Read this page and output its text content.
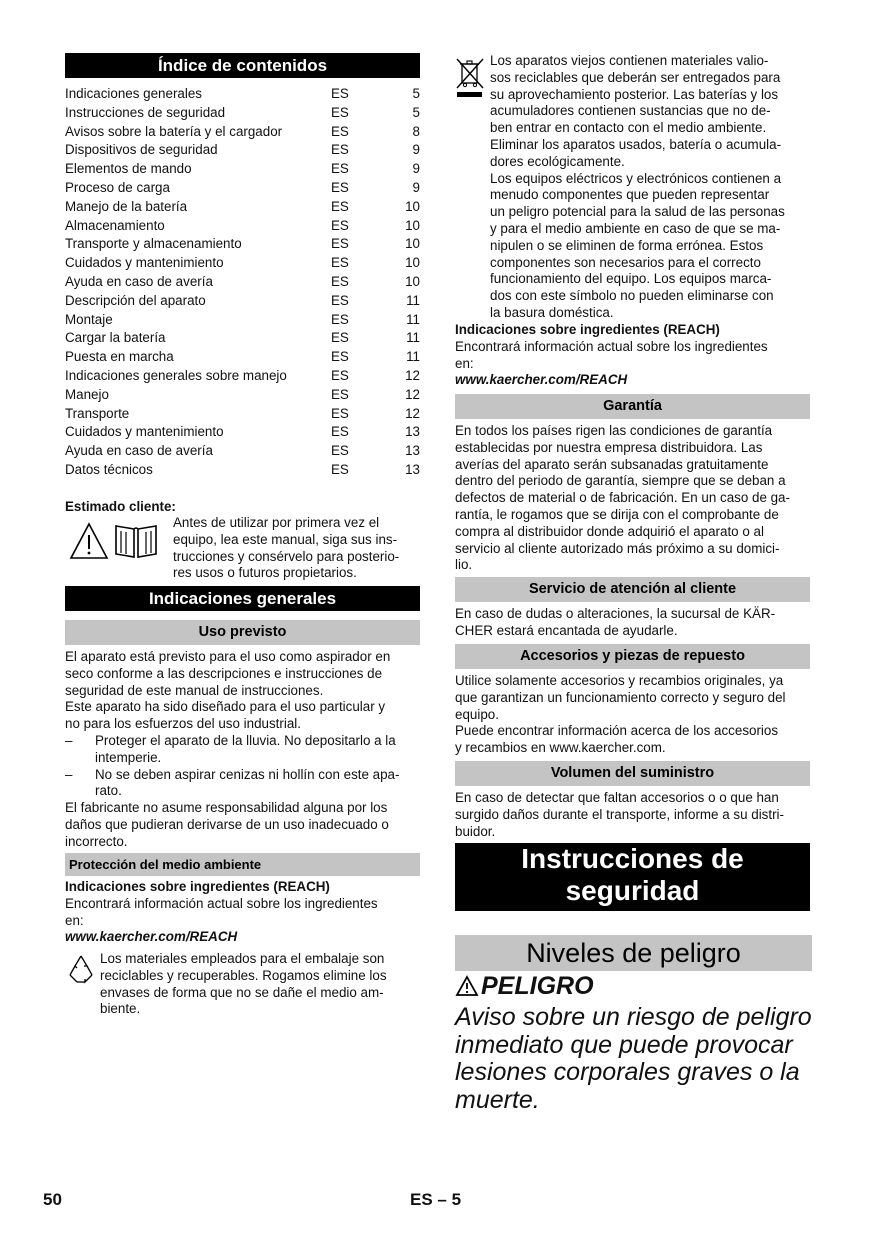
Índice de contenidos
Indicaciones generales	ES	5
Instrucciones de seguridad	ES	5
Avisos sobre la batería y el cargador	ES	8
Dispositivos de seguridad	ES	9
Elementos de mando	ES	9
Proceso de carga	ES	9
Manejo de la batería	ES	10
Almacenamiento	ES	10
Transporte y almacenamiento	ES	10
Cuidados y mantenimiento	ES	10
Ayuda en caso de avería	ES	10
Descripción del aparato	ES	11
Montaje	ES	11
Cargar la batería	ES	11
Puesta en marcha	ES	11
Indicaciones generales sobre manejo	ES	12
Manejo	ES	12
Transporte	ES	12
Cuidados y mantenimiento	ES	13
Ayuda en caso de avería	ES	13
Datos técnicos	ES	13
Estimado cliente:
Antes de utilizar por primera vez el
equipo, lea este manual, siga sus ins-
trucciones y consérvelo para posterio-
res usos o futuros propietarios.
Indicaciones generales
Uso previsto
El aparato está previsto para el uso como aspirador en
seco conforme a las descripciones e instrucciones de
seguridad de este manual de instrucciones.
Este aparato ha sido diseñado para el uso particular y
no para los esfuerzos del uso industrial.
– Proteger el aparato de la lluvia. No depositarlo a la
intemperie.
– No se deben aspirar cenizas ni hollín con este apa-
rato.
El fabricante no asume responsabilidad alguna por los
daños que pudieran derivarse de un uso inadecuado o
incorrecto.
Protección del medio ambiente
Indicaciones sobre ingredientes (REACH)
Encontrará información actual sobre los ingredientes
en:
www.kaercher.com/REACH
Los materiales empleados para el embalaje son
reciclables y recuperables. Rogamos elimine los
envases de forma que no se dañe el medio am-
biente.
Los aparatos viejos contienen materiales valio-
sos reciclables que deberán ser entregados para
su aprovechamiento posterior. Las baterías y los
acumuladores contienen sustancias que no de-
ben entrar en contacto con el medio ambiente.
Eliminar los aparatos usados, batería o acumula-
dores ecológicamente.
Los equipos eléctricos y electrónicos contienen a
menudo componentes que pueden representar
un peligro potencial para la salud de las personas
y para el medio ambiente en caso de que se ma-
nipulen o se eliminen de forma errónea. Estos
componentes son necesarios para el correcto
funcionamiento del equipo. Los equipos marca-
dos con este símbolo no pueden eliminarse con
la basura doméstica.
Indicaciones sobre ingredientes (REACH)
Encontrará información actual sobre los ingredientes
en:
www.kaercher.com/REACH
Garantía
En todos los países rigen las condiciones de garantía
establecidas por nuestra empresa distribuidora. Las
averías del aparato serán subsanadas gratuitamente
dentro del periodo de garantía, siempre que se deban a
defectos de material o de fabricación. En un caso de ga-
rantía, le rogamos que se dirija con el comprobante de
compra al distribuidor donde adquirió el aparato o al
servicio al cliente autorizado más próximo a su domici-
lio.
Servicio de atención al cliente
En caso de dudas o alteraciones, la sucursal de KÄR-
CHER estará encantada de ayudarle.
Accesorios y piezas de repuesto
Utilice solamente accesorios y recambios originales, ya
que garantizan un funcionamiento correcto y seguro del
equipo.
Puede encontrar información acerca de los accesorios
y recambios en www.kaercher.com.
Volumen del suministro
En caso de detectar que faltan accesorios o o que han
surgido daños durante el transporte, informe a su distri-
buidor.
Instrucciones de
seguridad
Niveles de peligro
PELIGRO
Aviso sobre un riesgo de peligro
inmediato que puede provocar
lesiones corporales graves o la
muerte.
50	ES – 5
